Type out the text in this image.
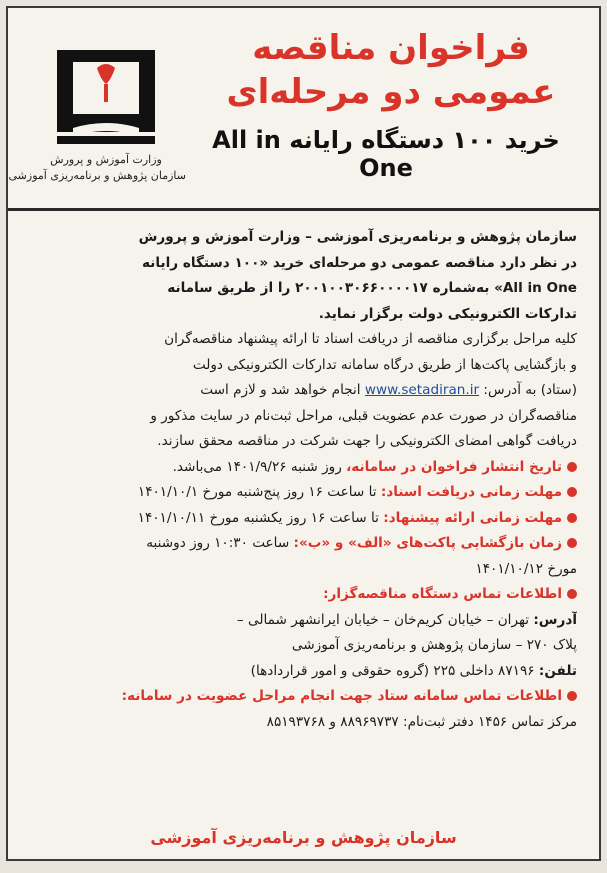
فراخوان مناقصه
عمومی دو مرحله‌ای
خرید ۱۰۰ دستگاه رایانه All in One
وزارت آموزش و پرورش
سازمان پژوهش و برنامه‌ریزی آموزشی
سازمان پژوهش و برنامه‌ریزی آموزشی – وزارت آموزش و پرورش
در نظر دارد مناقصه عمومی دو مرحله‌ای خرید «۱۰۰ دستگاه رایانه
All in One» به‌شماره ۲۰۰۱۰۰۳۰۶۶۰۰۰۰۱۷ را از طریق سامانه
تدارکات الکترونیکی دولت برگزار نماید.
کلیه مراحل برگزاری مناقصه از دریافت اسناد تا ارائه پیشنهاد مناقصه‌گران
و بازگشایی پاکت‌ها از طریق درگاه سامانه تدارکات الکترونیکی دولت
(ستاد) به آدرس: www.setadiran.ir انجام خواهد شد و لازم است
مناقصه‌گران در صورت عدم عضویت قبلی، مراحل ثبت‌نام در سایت مذکور و
دریافت گواهی امضای الکترونیکی را جهت شرکت در مناقصه محقق سازند.
تاریخ انتشار فراخوان در سامانه، روز شنبه ۱۴۰۱/۹/۲۶ می‌باشد.
مهلت زمانی دریافت اسناد: تا ساعت ۱۶ روز پنج‌شنبه مورخ ۱۴۰۱/۱۰/۱
مهلت زمانی ارائه پیشنهاد: تا ساعت ۱۶ روز یکشنبه مورخ ۱۴۰۱/۱۰/۱۱
زمان بازگشایی پاکت‌های «الف» و «ب»: ساعت ۱۰:۳۰ روز دوشنبه
مورخ ۱۴۰۱/۱۰/۱۲
اطلاعات تماس دستگاه مناقصه‌گزار:
آدرس: تهران – خیابان کریم‌خان – خیابان ایرانشهر شمالی –
پلاک ۲۷۰ – سازمان پژوهش و برنامه‌ریزی آموزشی
تلفن: ۸۷۱۹۶ داخلی ۲۲۵ (گروه حقوقی و امور قراردادها)
اطلاعات تماس سامانه ستاد جهت انجام مراحل عضویت در سامانه:
مرکز تماس ۱۴۵۶ دفتر ثبت‌نام: ۸۸۹۶۹۷۳۷ و ۸۵۱۹۳۷۶۸
سازمان پژوهش و برنامه‌ریزی آموزشی
